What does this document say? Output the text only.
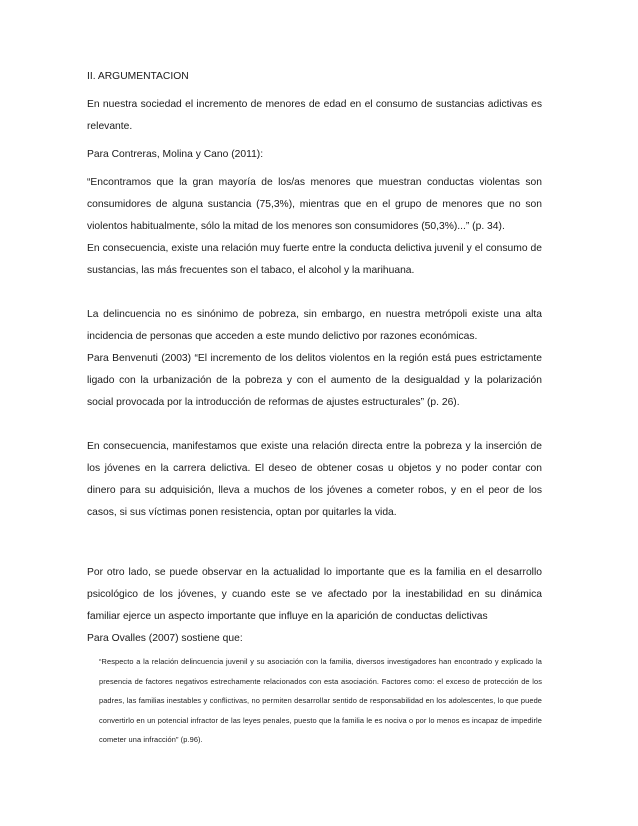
II. ARGUMENTACION

En nuestra sociedad el incremento de menores de edad en el consumo de sustancias adictivas es relevante.

Para Contreras, Molina y Cano (2011):

“Encontramos que la gran mayoría de los/as menores que muestran conductas violentas son consumidores de alguna sustancia (75,3%), mientras que en el grupo de menores que no son violentos habitualmente, sólo la mitad de los menores son consumidores (50,3%)...” (p. 34).

En consecuencia, existe una relación muy fuerte entre la conducta delictiva juvenil y el consumo de sustancias, las más frecuentes son el tabaco, el alcohol y la marihuana.

La delincuencia no es sinónimo de pobreza, sin embargo, en nuestra metrópoli existe una alta incidencia de personas que acceden a este mundo delictivo por razones económicas.

Para Benvenuti (2003) “El incremento de los delitos violentos en la región está pues estrictamente ligado con la urbanización de la pobreza y con el aumento de la desigualdad y la polarización social provocada por la introducción de reformas de ajustes estructurales” (p. 26).

En consecuencia, manifestamos que existe una relación directa entre la pobreza y la inserción de los jóvenes en la carrera delictiva. El deseo de obtener cosas u objetos y no poder contar con dinero para su adquisición, lleva a muchos de los jóvenes a cometer robos, y en el peor de los casos, si sus víctimas ponen resistencia, optan por quitarles la vida.

Por otro lado, se puede observar en la actualidad lo importante que es la familia en el desarrollo psicológico de los jóvenes, y cuando este se ve afectado por la inestabilidad en su dinámica familiar ejerce un aspecto importante que influye en la aparición de conductas delictivas

Para Ovalles (2007) sostiene que:

“Respecto a la relación delincuencia juvenil y su asociación con la familia, diversos investigadores han encontrado y explicado la presencia de factores negativos estrechamente relacionados con esta asociación. Factores como: el exceso de protección de los padres, las familias inestables y conflictivas, no permiten desarrollar sentido de responsabilidad en los adolescentes, lo que puede convertirlo en un potencial infractor de las leyes penales, puesto que la familia le es nociva o por lo menos es incapaz de impedirle cometer una infracción” (p.96).
